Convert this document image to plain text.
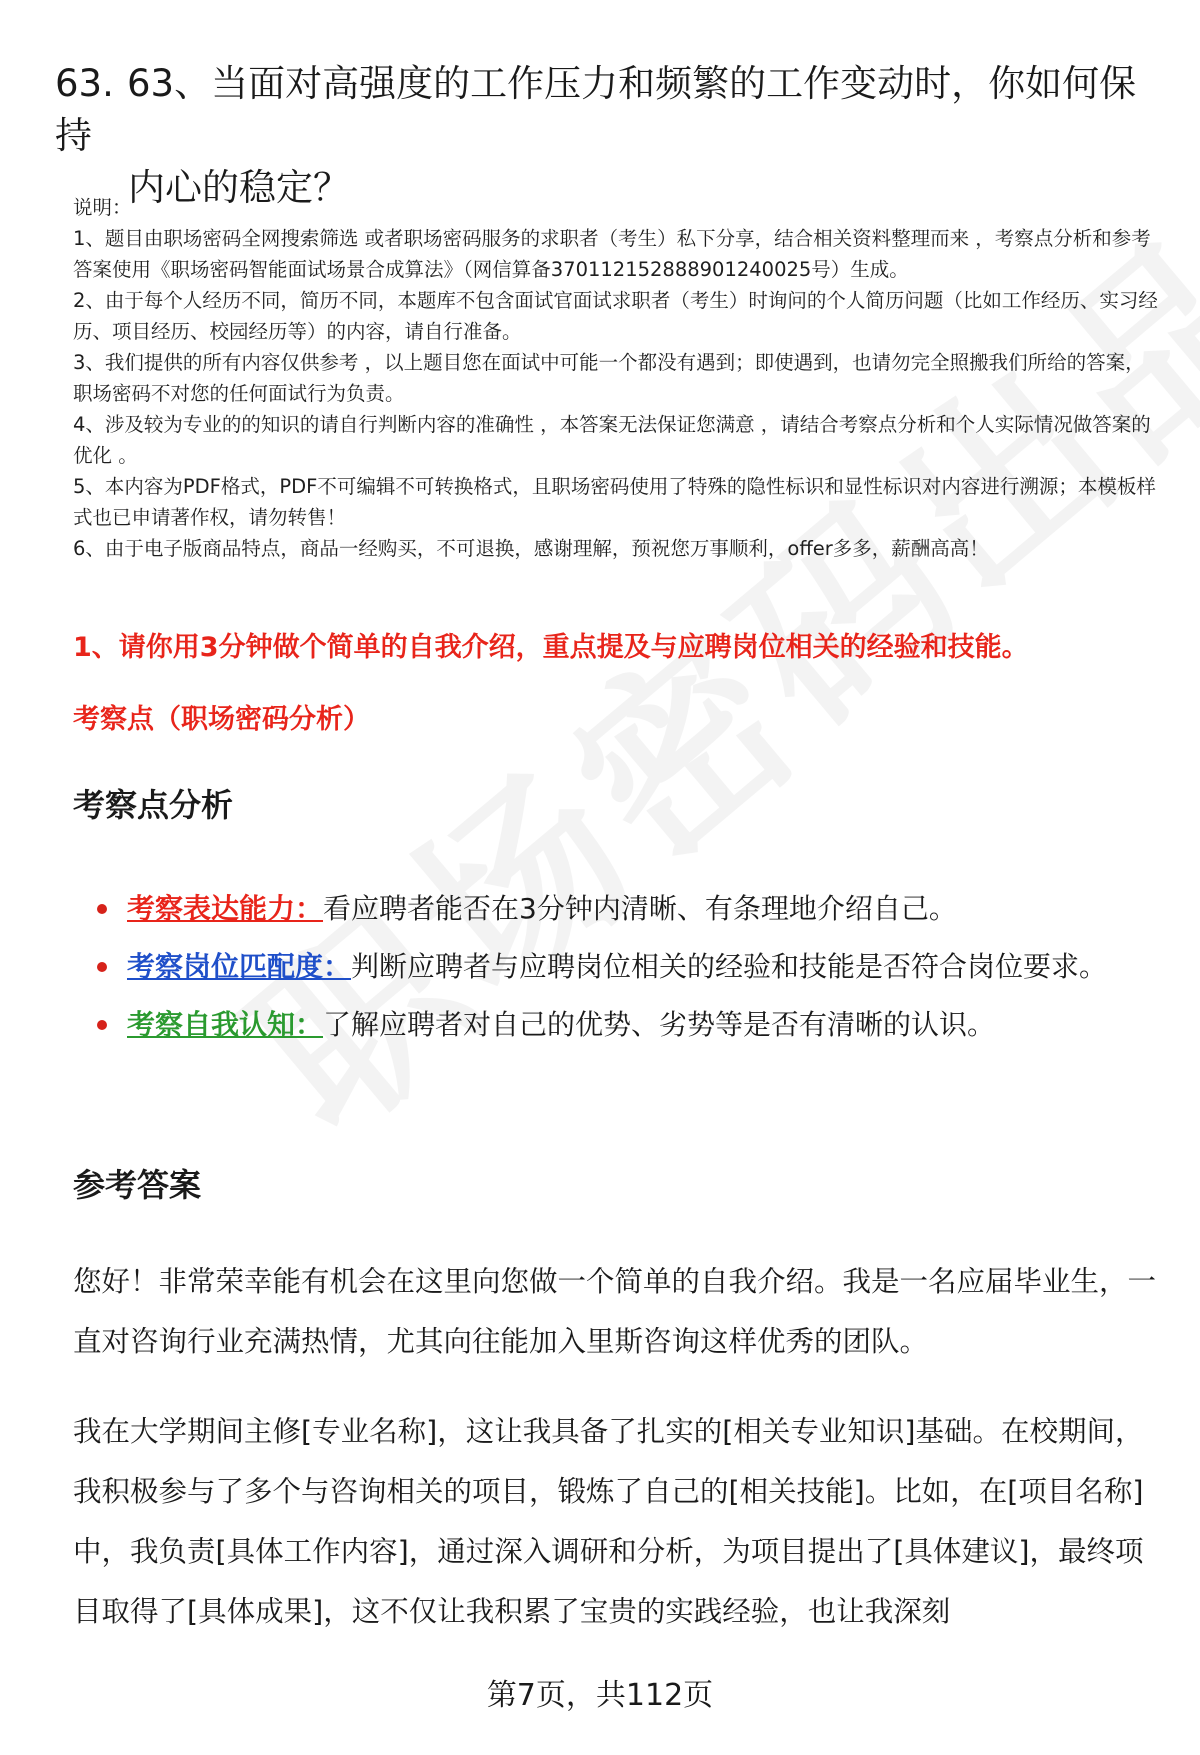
63. 63、当面对高强度的工作压力和频繁的工作变动时，你如何保持
内心的稳定？

说明：

1、题目由职场密码全网搜索筛选 或者职场密码服务的求职者（考生）私下分享，结合相关资料整理而来 ，考察点分析和参考答案使用《职场密码智能面试场景合成算法》（网信算备370112152888901240025号）生成。

2、由于每个人经历不同，简历不同，本题库不包含面试官面试求职者（考生）时询问的个人简历问题（比如工作经历、实习经历、项目经历、校园经历等）的内容，请自行准备。

3、我们提供的所有内容仅供参考 ，以上题目您在面试中可能一个都没有遇到；即使遇到，也请勿完全照搬我们所给的答案，职场密码不对您的任何面试行为负责。

4、涉及较为专业的的知识的请自行判断内容的准确性 ，本答案无法保证您满意 ，请结合考察点分析和个人实际情况做答案的优化 。

5、本内容为PDF格式，PDF不可编辑不可转换格式，且职场密码使用了特殊的隐性标识和显性标识对内容进行溯源；本模板样式也已申请著作权，请勿转售！

6、由于电子版商品特点，商品一经购买，不可退换，感谢理解，预祝您万事顺利，offer多多，薪酬高高！

1、请你用3分钟做个简单的自我介绍，重点提及与应聘岗位相关的经验和技能。
考察点（职场密码分析）
考察点分析
考察表达能力：看应聘者能否在3分钟内清晰、有条理地介绍自己。
考察岗位匹配度：判断应聘者与应聘岗位相关的经验和技能是否符合岗位要求。
考察自我认知：了解应聘者对自己的优势、劣势等是否有清晰的认识。
参考答案

您好！非常荣幸能有机会在这里向您做一个简单的自我介绍。我是一名应届毕业生，一直对咨询行业充满热情，尤其向往能加入里斯咨询这样优秀的团队。

我在大学期间主修[专业名称]，这让我具备了扎实的[相关专业知识]基础。在校期间，我积极参与了多个与咨询相关的项目，锻炼了自己的[相关技能]。比如，在[项目名称]中，我负责[具体工作内容]，通过深入调研和分析，为项目提出了[具体建议]，最终项目取得了[具体成果]，这不仅让我积累了宝贵的实践经验，也让我深刻

第7页，共112页
